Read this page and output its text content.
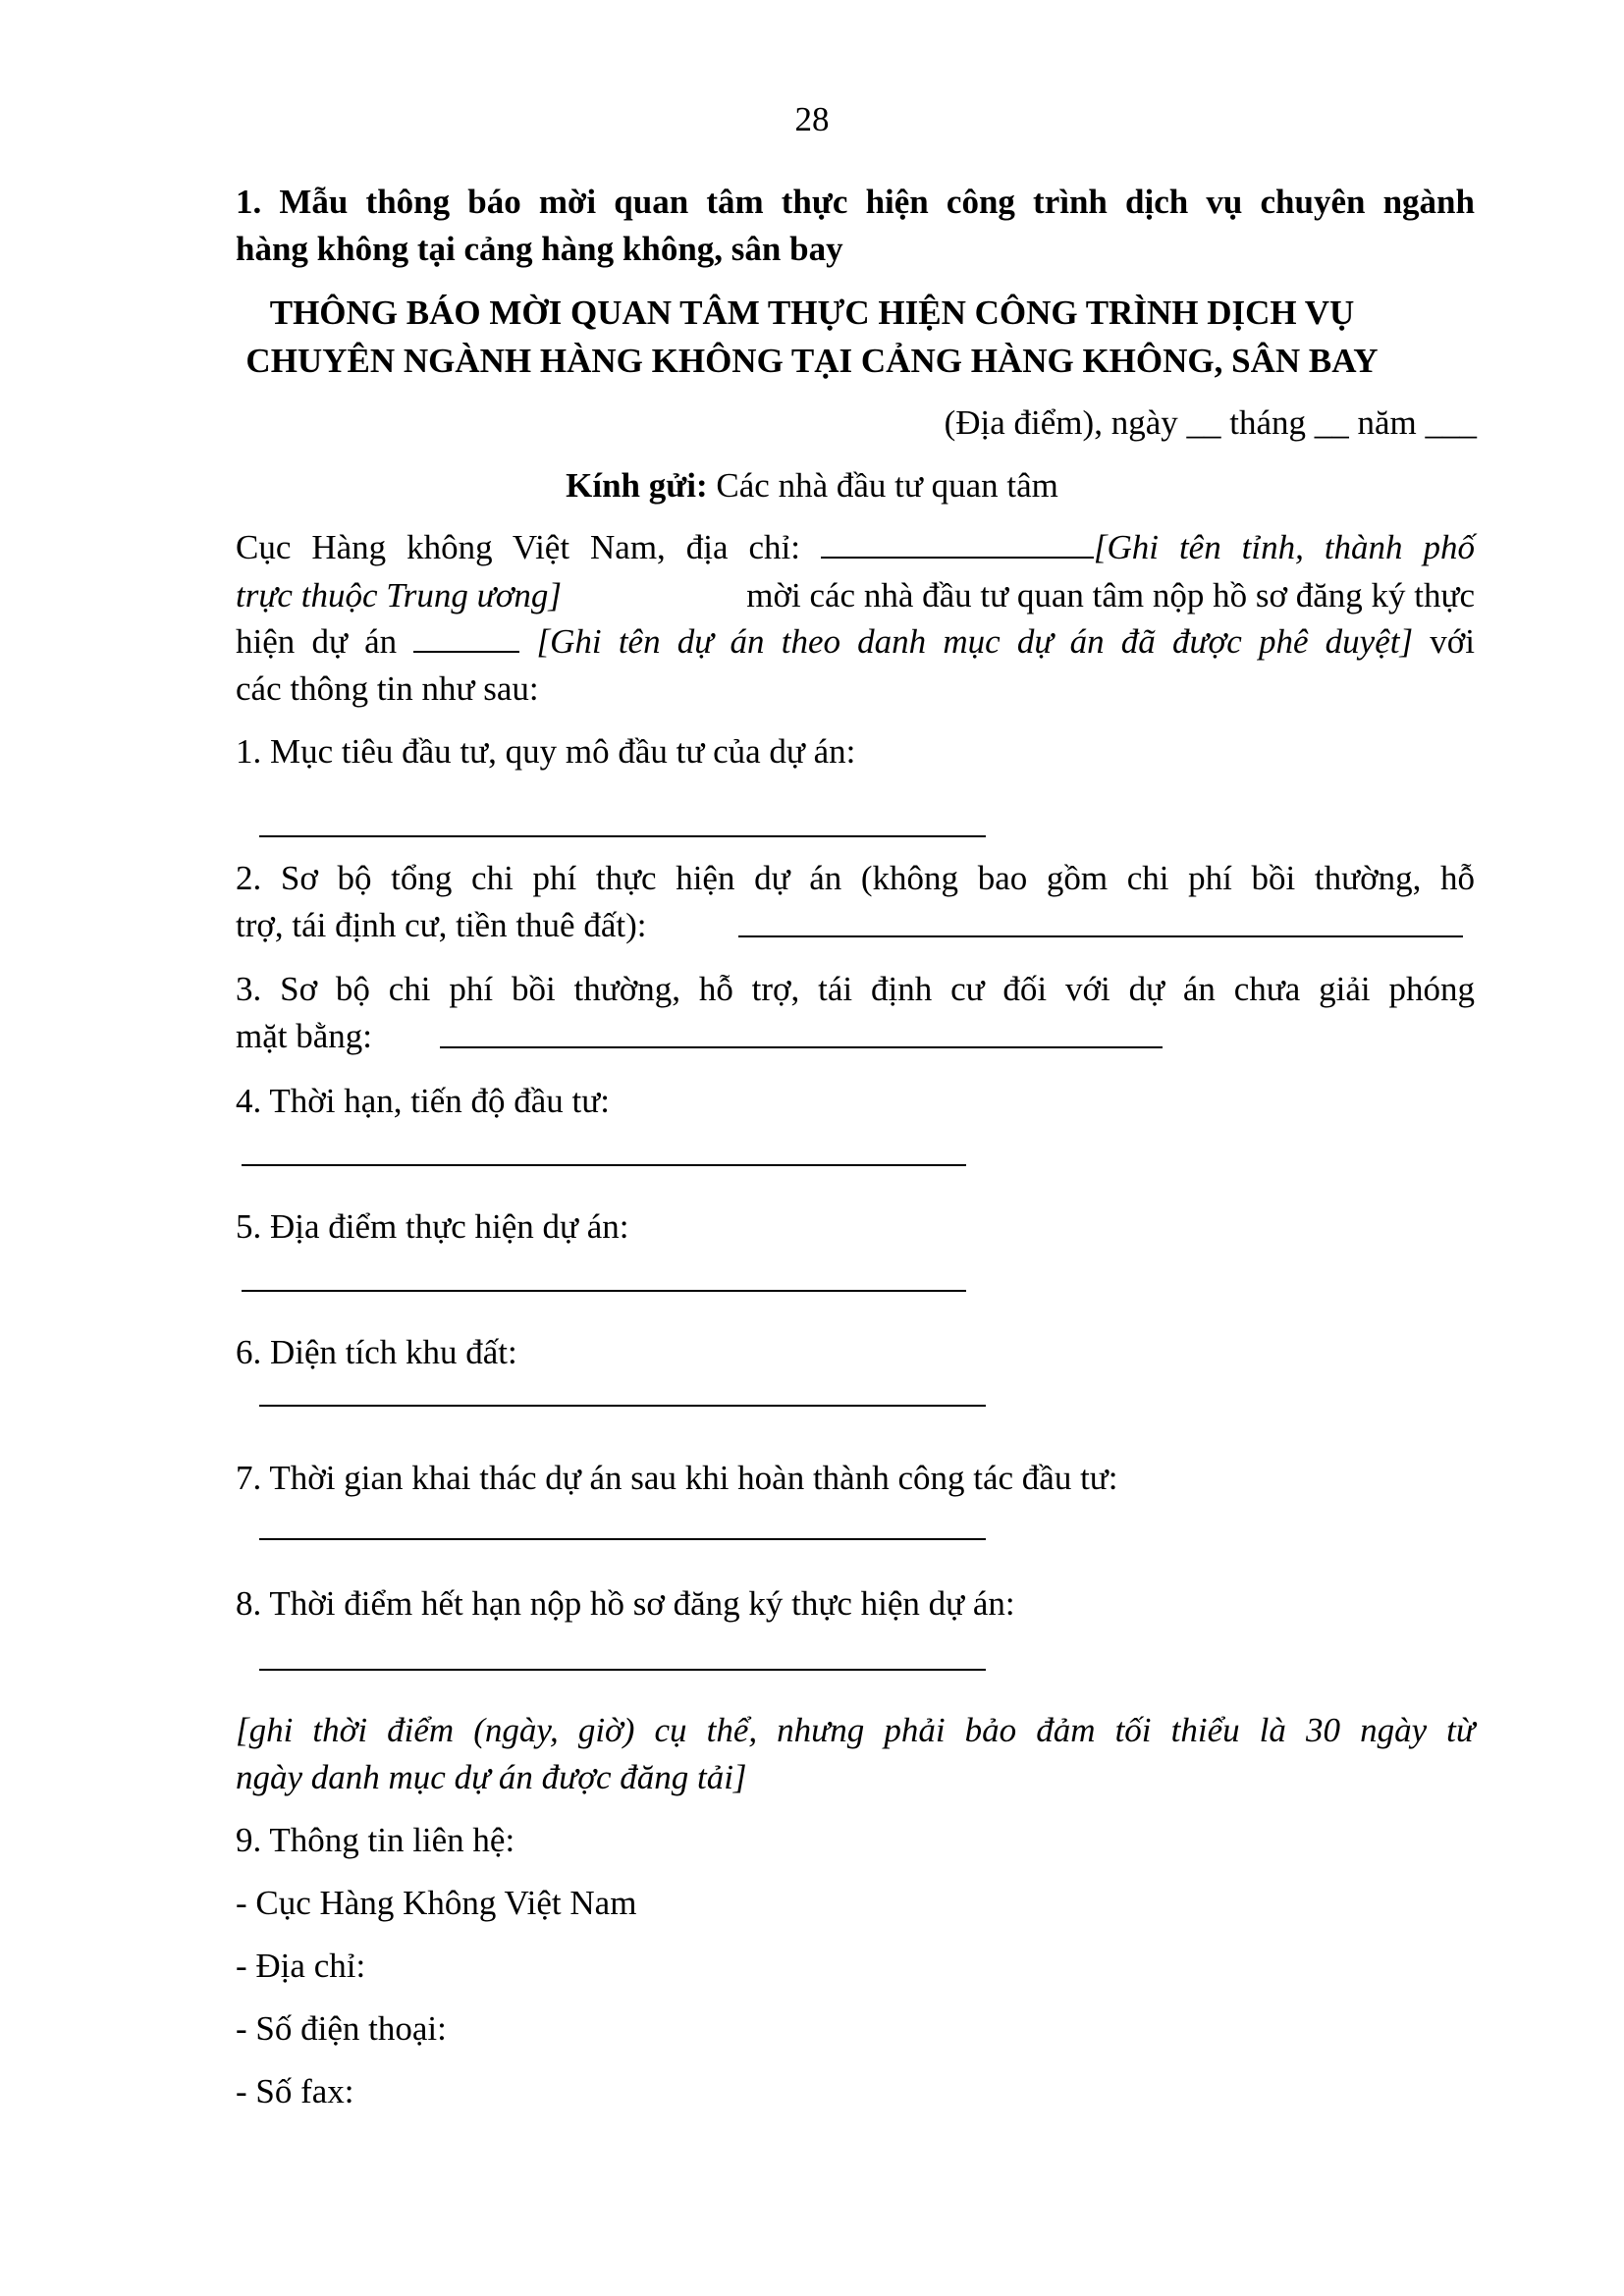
28
1. Mẫu thông báo mời quan tâm thực hiện công trình dịch vụ chuyên ngành
hàng không tại cảng hàng không, sân bay
THÔNG BÁO MỜI QUAN TÂM THỰC HIỆN CÔNG TRÌNH DỊCH VỤ
CHUYÊN NGÀNH HÀNG KHÔNG TẠI CẢNG HÀNG KHÔNG, SÂN BAY
(Địa điểm), ngày __ tháng __ năm ___
Kính gửi: Các nhà đầu tư quan tâm
Cục Hàng không Việt Nam, địa chỉ:	[Ghi tên tỉnh, thành phố
trực thuộc Trung ương]	mời các nhà đầu tư quan tâm nộp hồ sơ đăng ký thực
hiện dự án	[Ghi tên dự án theo danh mục dự án đã được phê duyệt] với
các thông tin như sau:
1. Mục tiêu đầu tư, quy mô đầu tư của dự án:
2. Sơ bộ tổng chi phí thực hiện dự án (không bao gồm chi phí bồi thường, hỗ
trợ, tái định cư, tiền thuê đất):
3. Sơ bộ chi phí bồi thường, hỗ trợ, tái định cư đối với dự án chưa giải phóng
mặt bằng:
4. Thời hạn, tiến độ đầu tư:
5. Địa điểm thực hiện dự án:
6. Diện tích khu đất:
7. Thời gian khai thác dự án sau khi hoàn thành công tác đầu tư:
8. Thời điểm hết hạn nộp hồ sơ đăng ký thực hiện dự án:
[ghi thời điểm (ngày, giờ) cụ thể, nhưng phải bảo đảm tối thiểu là 30 ngày từ
ngày danh mục dự án được đăng tải]
9. Thông tin liên hệ:
- Cục Hàng Không Việt Nam
- Địa chỉ:
- Số điện thoại:
- Số fax:
